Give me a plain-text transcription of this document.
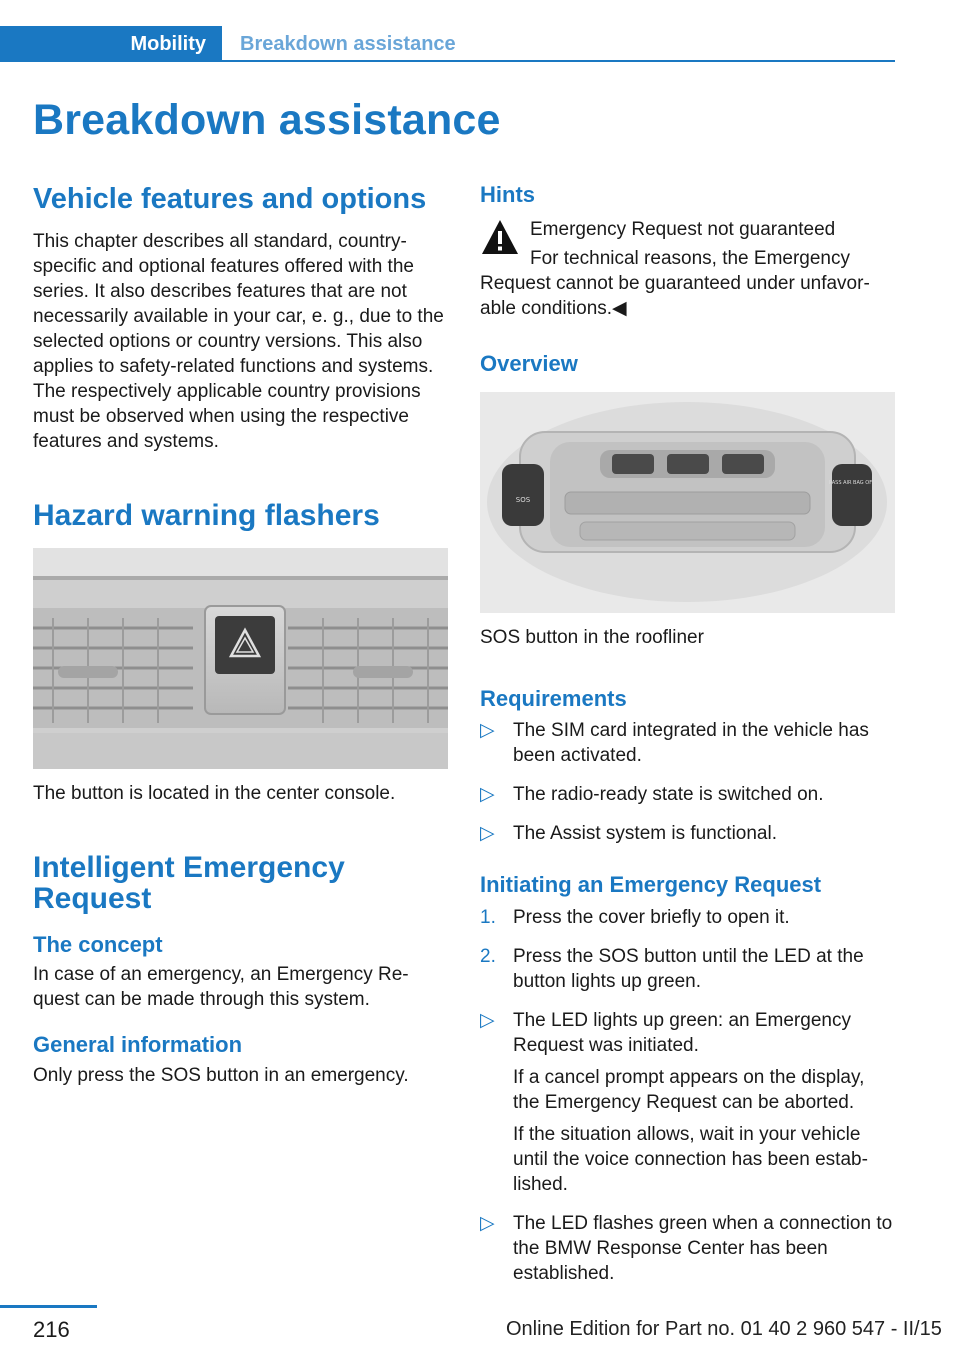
Mobility	Breakdown assistance
Breakdown assistance
Vehicle features and options

This chapter describes all standard, country-specific and optional features offered with the series. It also describes features that are not necessarily available in your car, e. g., due to the selected options or country versions. This also applies to safety-related functions and systems. The respectively applicable country provisions must be observed when using the respective features and systems.

Hazard warning flashers

The button is located in the center console.

Intelligent Emergency Request
The concept

In case of an emergency, an Emergency Re-quest can be made through this system.

General information

Only press the SOS button in an emergency.

Hints

Emergency Request not guaranteed

For technical reasons, the Emergency Request cannot be guaranteed under unfavor-able conditions.◀

Overview
SOS
PASS AIR BAG OFF

SOS button in the roofliner

Requirements
▷ The SIM card integrated in the vehicle has been activated.
▷ The radio-ready state is switched on.
▷ The Assist system is functional.
Initiating an Emergency Request
1. Press the cover briefly to open it.
2. Press the SOS button until the LED at the button lights up green.
▷ The LED lights up green: an Emergency Request was initiated.
If a cancel prompt appears on the display, the Emergency Request can be aborted.
If the situation allows, wait in your vehicle until the voice connection has been estab-lished.
▷ The LED flashes green when a connection to the BMW Response Center has been established.
216	Online Edition for Part no. 01 40 2 960 547 - II/15
